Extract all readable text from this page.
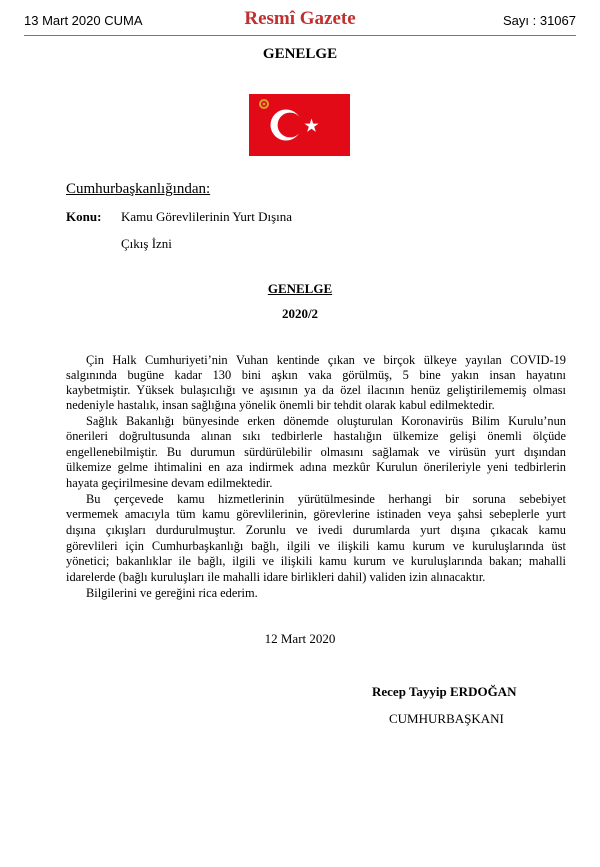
13 Mart 2020 CUMA	Resmî Gazete	Sayı : 31067
GENELGE
Cumhurbaşkanlığından:
Konu: Kamu Görevlilerinin Yurt Dışına
Çıkış İzni
GENELGE
2020/2
Çin Halk Cumhuriyeti’nin Vuhan kentinde çıkan ve birçok ülkeye yayılan COVID-19
salgınında bugüne kadar 130 bini aşkın vaka görülmüş, 5 bine yakın insan hayatını
kaybetmiştir. Yüksek bulaşıcılığı ve aşısının ya da özel ilacının henüz geliştirilememiş olması
nedeniyle hastalık, insan sağlığına yönelik önemli bir tehdit olarak kabul edilmektedir.
Sağlık Bakanlığı bünyesinde erken dönemde oluşturulan Koronavirüs Bilim Kurulu’nun
önerileri doğrultusunda alınan sıkı tedbirlerle hastalığın ülkemize gelişi önemli ölçüde
engellenebilmiştir. Bu durumun sürdürülebilir olmasını sağlamak ve virüsün yurt dışından
ülkemize gelme ihtimalini en aza indirmek adına mezkûr Kurulun önerileriyle yeni tedbirlerin
hayata geçirilmesine devam edilmektedir.
Bu çerçevede kamu hizmetlerinin yürütülmesinde herhangi bir soruna sebebiyet
vermemek amacıyla tüm kamu görevlilerinin, görevlerine istinaden veya şahsi sebeplerle yurt
dışına çıkışları durdurulmuştur. Zorunlu ve ivedi durumlarda yurt dışına çıkacak kamu
görevlileri için Cumhurbaşkanlığı bağlı, ilgili ve ilişkili kamu kurum ve kuruluşlarında üst
yönetici; bakanlıklar ile bağlı, ilgili ve ilişkili kamu kurum ve kuruluşlarında bakan; mahalli
idarelerde (bağlı kuruluşları ile mahalli idare birlikleri dahil) validen izin alınacaktır.
Bilgilerini ve gereğini rica ederim.
12 Mart 2020
Recep Tayyip ERDOĞAN
CUMHURBAŞKANI
